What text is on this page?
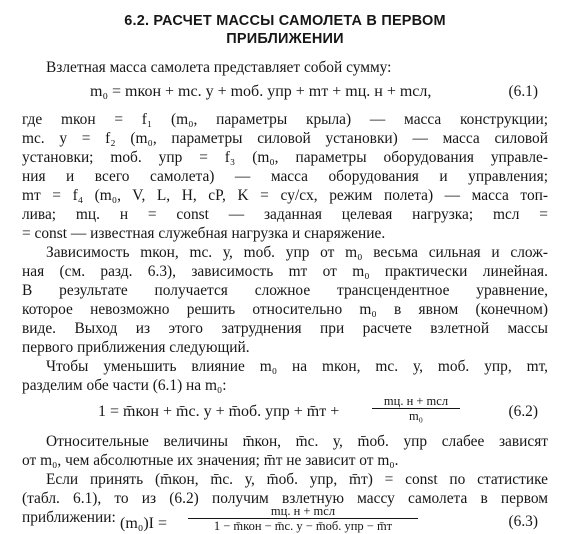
6.2. РАСЧЕТ МАССЫ САМОЛЕТА В ПЕРВОМ
ПРИБЛИЖЕНИИ
Взлетная масса самолета представляет собой сумму:
m₀ = mкон + mс. у + mоб. упр + mт + mц. н + mсл,	(6.1)
где mкон = f₁ (m₀, параметры крыла) — масса конструкции;
mс. у = f₂ (m₀, параметры силовой установки) — масса силовой
установки; mоб. упр = f₃ (m₀, параметры оборудования управле-
ния и всего самолета) — масса оборудования и управления;
mт = f₄ (m₀, V, L, H, cP, K = cy/cx, режим полета) — масса топ-
лива; mц. н = const — заданная целевая нагрузка; mсл =
= const — известная служебная нагрузка и снаряжение.
Зависимость mкон, mс. у, mоб. упр от m₀ весьма сильная и слож-
ная (см. разд. 6.3), зависимость mт от m₀ практически линейная.
В результате получается сложное трансцендентное уравнение,
которое невозможно решить относительно m₀ в явном (конечном)
виде. Выход из этого затруднения при расчете взлетной массы
первого приближения следующий.
Чтобы уменьшить влияние m₀ на mкон, mс. у, mоб. упр, mт,
разделим обе части (6.1) на m₀:
1 = m̄кон + m̄с. у + m̄об. упр + m̄т +
mц. н + mсл
m₀	(6.2)
Относительные величины m̄кон, m̄с. у, m̄об. упр слабее зависят
от m₀, чем абсолютные их значения; m̄т не зависит от m₀.
Если принять (m̄кон, m̄с. у, m̄об. упр, m̄т) = const по статистике
(табл. 6.1), то из (6.2) получим взлетную массу самолета в первом
приближении: (m₀)I =
mц. н + mсл
1 − m̄кон − m̄с. у − m̄об. упр − m̄т	(6.3)
